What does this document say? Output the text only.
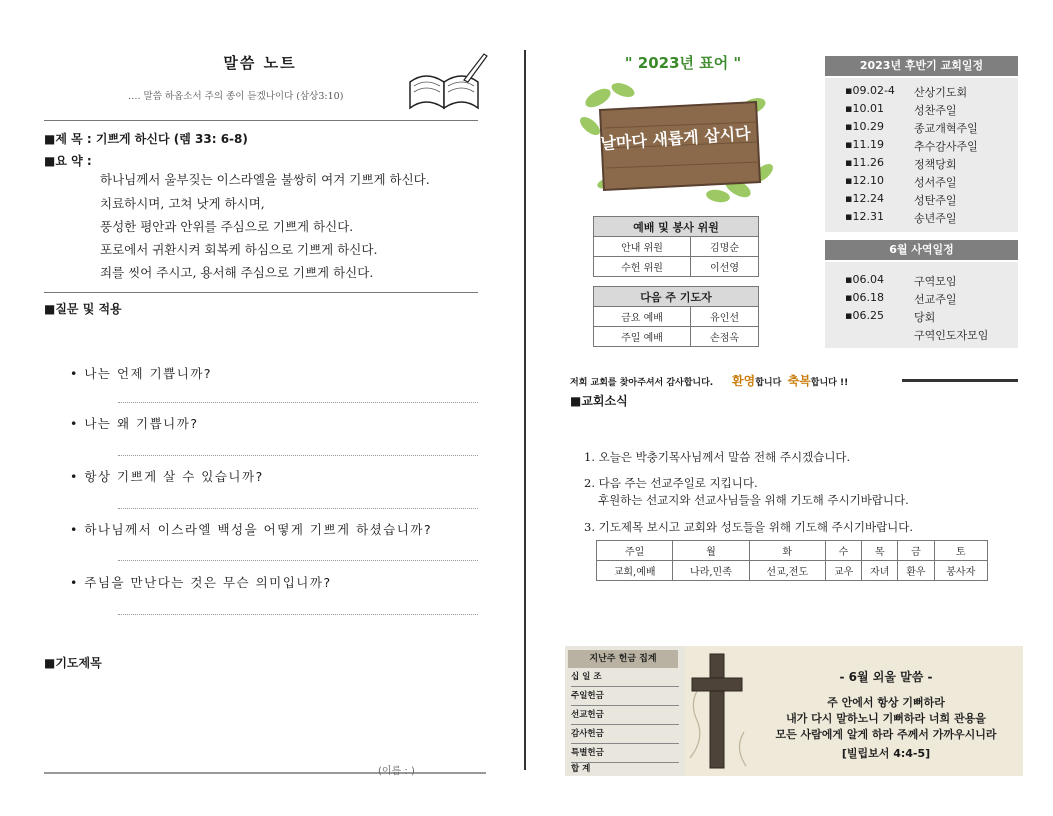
말씀 노트
…. 말씀 하옵소서 주의 종이 듣겠나이다 (삼상3:10)
■제 목 : 기쁘게 하신다 (렘 33: 6-8)
■요 약 :
하나님께서 울부짖는 이스라엘을 불쌍히 여겨 기쁘게 하신다.
치료하시며, 고쳐 낫게 하시며,
풍성한 평안과 안위를 주심으로 기쁘게 하신다.
포로에서 귀환시켜 회복케 하심으로 기쁘게 하신다.
죄를 씻어 주시고, 용서해 주심으로 기쁘게 하신다.
■질문 및 적용
• 나는 언제 기쁩니까?
• 나는 왜 기쁩니까?
• 항상 기쁘게 살 수 있습니까?
• 하나님께서 이스라엘 백성을 어떻게 기쁘게 하셨습니까?
• 주님을 만난다는 것은 무슨 의미입니까?
■기도제목
(이름 : )
" 2023년 표어 "
날마다 새롭게 삽시다
예배 및 봉사 위원	
안내 위원	김명순
수헌 위원	이선영
다음 주 기도자	
금요 예배	유인선
주일 예배	손점옥
2023년 후반기 교회일정
▪09.02-4 산상기도회
▪10.01	성찬주일
▪10.29	종교개혁주일
▪11.19	추수감사주일
▪11.26	정책당회
▪12.10	성서주일
▪12.24	성탄주일
▪12.31	송년주일
6월 사역일정
▪06.04	구역모임
▪06.18	선교주일
▪06.25	당회
구역인도자모임
저희 교회를 찾아주셔서 감사합니다. 환영합니다 축복합니다 !!
■교회소식
1. 오늘은 박충기목사님께서 말씀 전해 주시겠습니다.
2. 다음 주는 선교주일로 지킵니다.
후원하는 선교지와 선교사님들을 위해 기도해 주시기바랍니다.
3. 기도제목 보시고 교회와 성도들을 위해 기도해 주시기바랍니다.
주일	월	화	수	목	금	토
교회,예배	나라,민족	선교,전도	교우	자녀	환우	봉사자
지난주 헌금 집계
십 일 조
주일헌금
선교헌금
감사헌금
특별헌금
합 계
- 6월 외울 말씀 -
주 안에서 항상 기뻐하라
내가 다시 말하노니 기뻐하라 너희 관용을
모든 사람에게 알게 하라 주께서 가까우시니라
[빌립보서 4:4-5]
